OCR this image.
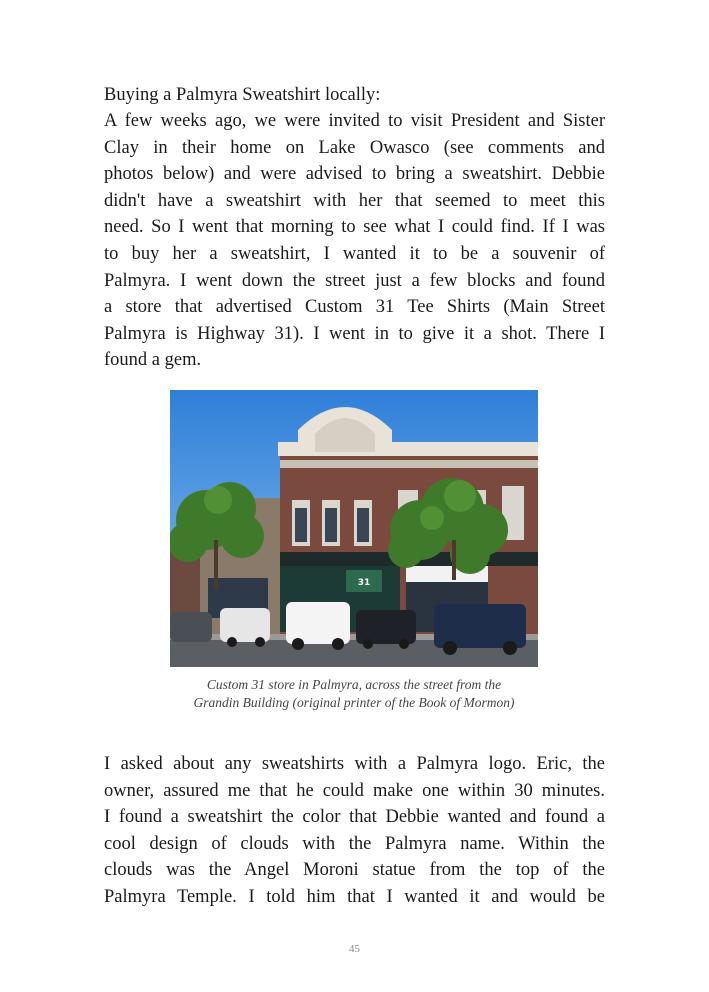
Buying a Palmyra Sweatshirt locally:

A few weeks ago, we were invited to visit President and Sister
Clay in their home on Lake Owasco (see comments and
photos below) and were advised to bring a sweatshirt. Debbie
didn't have a sweatshirt with her that seemed to meet this
need. So I went that morning to see what I could find. If I was
to buy her a sweatshirt, I wanted it to be a souvenir of
Palmyra. I went down the street just a few blocks and found
a store that advertised Custom 31 Tee Shirts (Main Street
Palmyra is Highway 31). I went in to give it a shot. There I
found a gem.
31
Custom 31 store in Palmyra, across the street from the
Grandin Building (original printer of the Book of Mormon)
I asked about any sweatshirts with a Palmyra logo. Eric, the
owner, assured me that he could make one within 30 minutes.
I found a sweatshirt the color that Debbie wanted and found a
cool design of clouds with the Palmyra name. Within the
clouds was the Angel Moroni statue from the top of the
Palmyra Temple. I told him that I wanted it and would be
45
